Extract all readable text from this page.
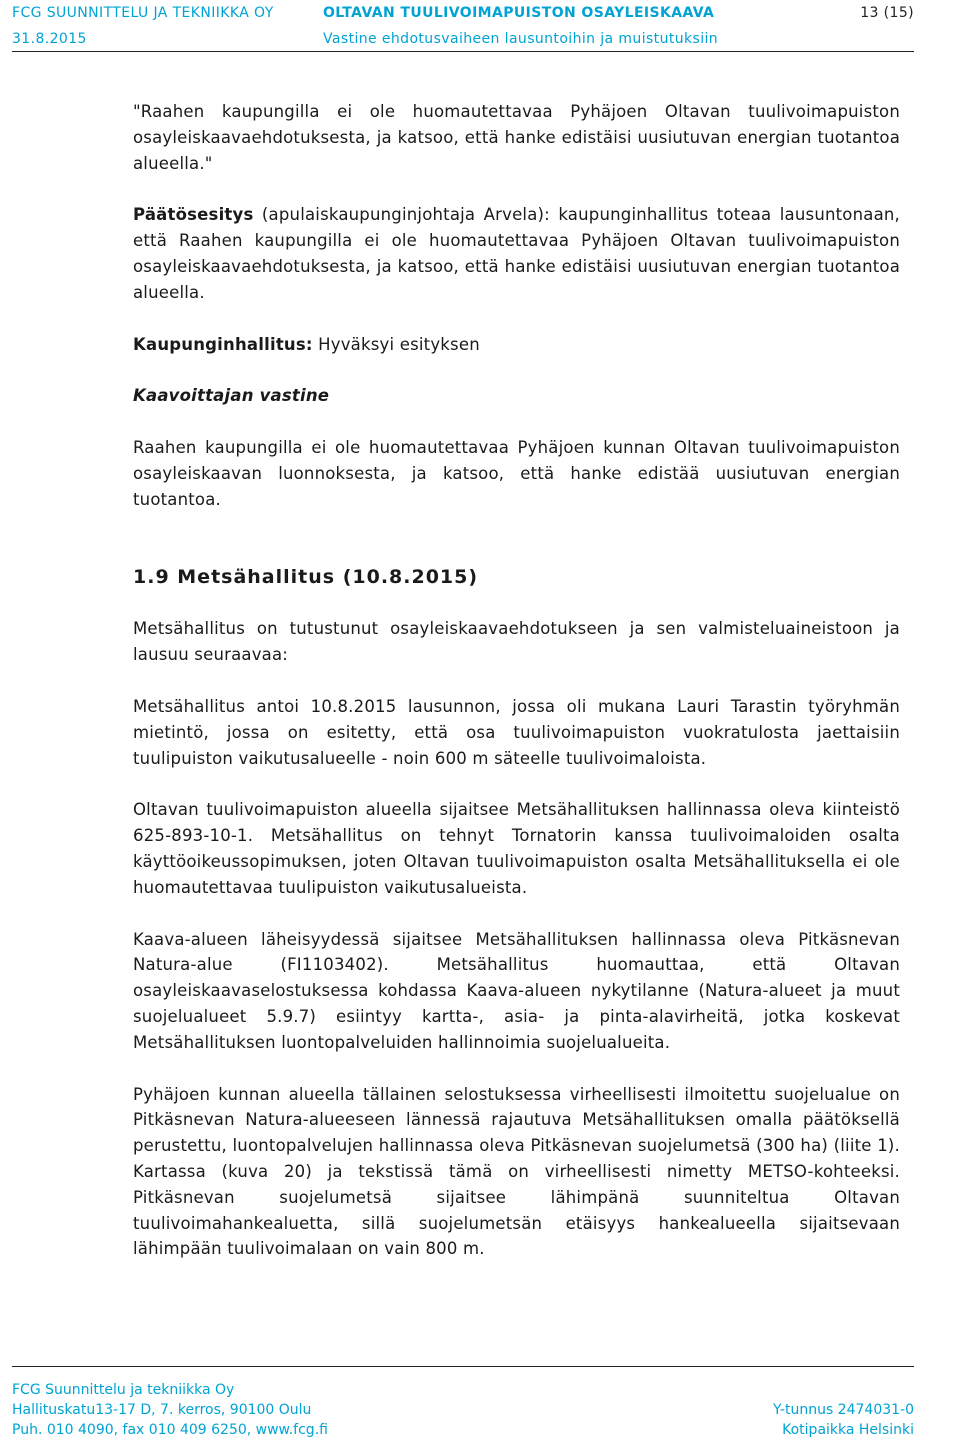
FCG SUUNNITTELU JA TEKNIIKKA OY	OLTAVAN TUULIVOIMAPUISTON OSAYLEISKAAVA	13 (15)
31.8.2015	Vastine ehdotusvaiheen lausuntoihin ja muistutuksiin

"Raahen kaupungilla ei ole huomautettavaa Pyhäjoen Oltavan tuulivoimapuiston osayleiskaavaehdotuksesta, ja katsoo, että hanke edistäisi uusiutuvan energian tuotantoa alueella."

Päätösesitys (apulaiskaupunginjohtaja Arvela): kaupunginhallitus toteaa lausuntonaan, että Raahen kaupungilla ei ole huomautettavaa Pyhäjoen Oltavan tuulivoimapuiston osayleiskaavaehdotuksesta, ja katsoo, että hanke edistäisi uusiutuvan energian tuotantoa alueella.

Kaupunginhallitus: Hyväksyi esityksen

Kaavoittajan vastine

Raahen kaupungilla ei ole huomautettavaa Pyhäjoen kunnan Oltavan tuulivoimapuiston osayleiskaavan luonnoksesta, ja katsoo, että hanke edistää uusiutuvan energian tuotantoa.

1.9 Metsähallitus (10.8.2015)

Metsähallitus on tutustunut osayleiskaavaehdotukseen ja sen valmisteluaineistoon ja lausuu seuraavaa:

Metsähallitus antoi 10.8.2015 lausunnon, jossa oli mukana Lauri Tarastin työryhmän mietintö, jossa on esitetty, että osa tuulivoimapuiston vuokratulosta jaettaisiin tuulipuiston vaikutusalueelle - noin 600 m säteelle tuulivoimaloista.

Oltavan tuulivoimapuiston alueella sijaitsee Metsähallituksen hallinnassa oleva kiinteistö 625-893-10-1. Metsähallitus on tehnyt Tornatorin kanssa tuulivoimaloiden osalta käyttöoikeussopimuksen, joten Oltavan tuulivoimapuiston osalta Metsähallituksella ei ole huomautettavaa tuulipuiston vaikutusalueista.

Kaava-alueen läheisyydessä sijaitsee Metsähallituksen hallinnassa oleva Pitkäsnevan Natura-alue (FI1103402). Metsähallitus huomauttaa, että Oltavan osayleiskaavaselostuksessa kohdassa Kaava-alueen nykytilanne (Natura-alueet ja muut suojelualueet 5.9.7) esiintyy kartta-, asia- ja pinta-alavirheitä, jotka koskevat Metsähallituksen luontopalveluiden hallinnoimia suojelualueita.

Pyhäjoen kunnan alueella tällainen selostuksessa virheellisesti ilmoitettu suojelualue on Pitkäsnevan Natura-alueeseen lännessä rajautuva Metsähallituksen omalla päätöksellä perustettu, luontopalvelujen hallinnassa oleva Pitkäsnevan suojelumetsä (300 ha) (liite 1). Kartassa (kuva 20) ja tekstissä tämä on virheellisesti nimetty METSO-kohteeksi. Pitkäsnevan suojelumetsä sijaitsee lähimpänä suunniteltua Oltavan tuulivoimahankealuetta, sillä suojelumetsän etäisyys hankealueella sijaitsevaan lähimpään tuulivoimalaan on vain 800 m.

FCG Suunnittelu ja tekniikka Oy
Hallituskatu13-17 D, 7. kerros, 90100 Oulu
Puh. 010 4090, fax 010 409 6250, www.fcg.fi
Y-tunnus 2474031-0
Kotipaikka Helsinki
